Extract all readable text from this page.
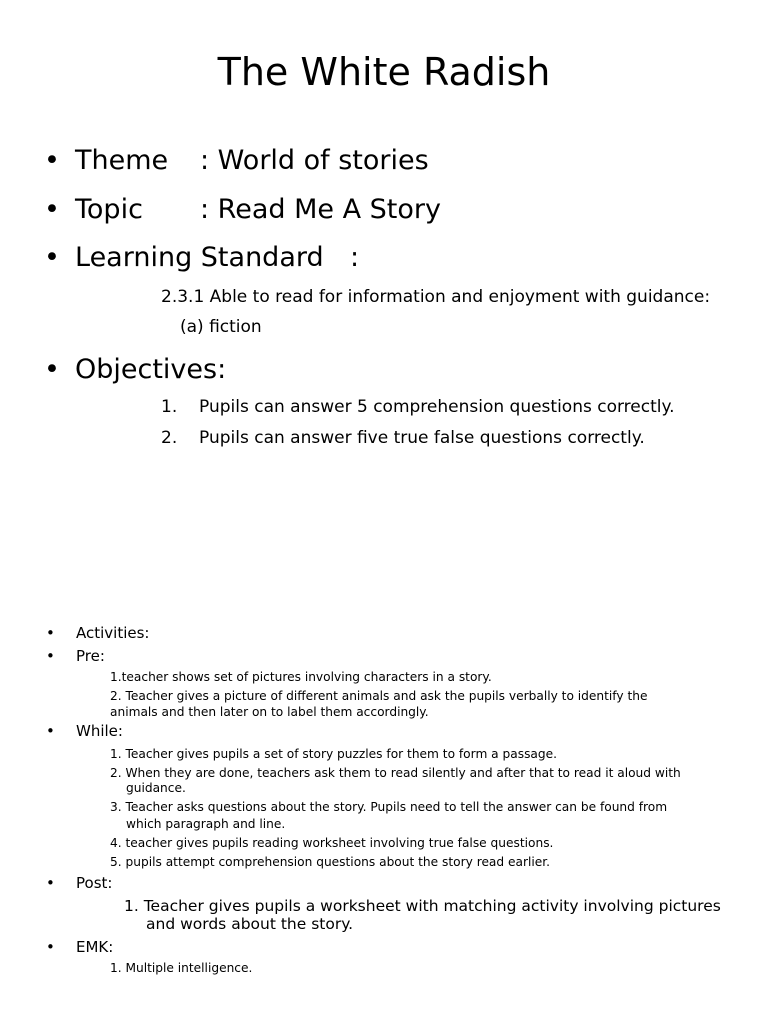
The White Radish
• Theme : World of stories
• Topic : Read Me A Story
• Learning Standard :
2.3.1 Able to read for information and enjoyment with guidance:
(a) fiction
• Objectives:
1. Pupils can answer 5 comprehension questions correctly.
2. Pupils can answer five true false questions correctly.
• Activities:
• Pre:
1.teacher shows set of pictures involving characters in a story.
2. Teacher gives a picture of different animals and ask the pupils verbally to identify the
animals and then later on to label them accordingly.
• While:
1. Teacher gives pupils a set of story puzzles for them to form a passage.
2. When they are done, teachers ask them to read silently and after that to read it aloud with
guidance.
3. Teacher asks questions about the story. Pupils need to tell the answer can be found from
which paragraph and line.
4. teacher gives pupils reading worksheet involving true false questions.
5. pupils attempt comprehension questions about the story read earlier.
• Post:
1. Teacher gives pupils a worksheet with matching activity involving pictures
and words about the story.
• EMK:
1. Multiple intelligence.
